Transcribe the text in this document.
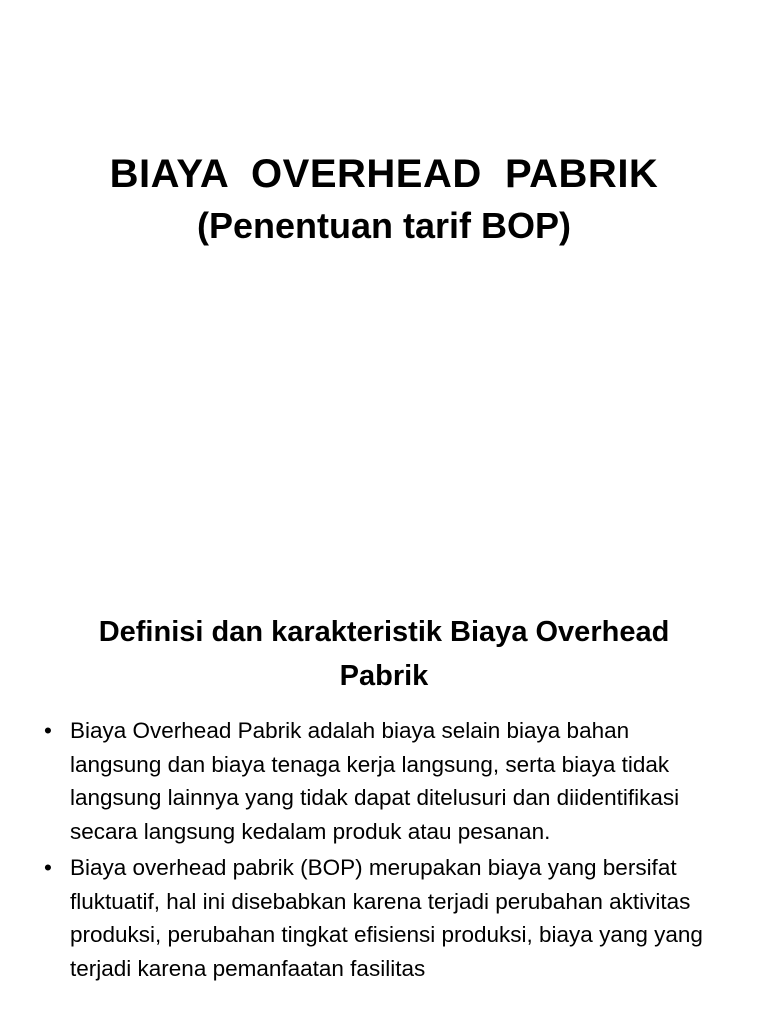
BIAYA  OVERHEAD  PABRIK
(Penentuan tarif BOP)
Definisi dan karakteristik Biaya Overhead
Pabrik
• Biaya Overhead Pabrik adalah biaya selain biaya bahan langsung dan biaya tenaga kerja langsung, serta biaya tidak langsung lainnya yang tidak dapat ditelusuri dan diidentifikasi secara langsung kedalam produk atau pesanan.
• Biaya overhead pabrik (BOP) merupakan biaya yang bersifat fluktuatif, hal ini disebabkan karena terjadi perubahan aktivitas produksi, perubahan tingkat efisiensi produksi, biaya yang yang terjadi karena pemanfaatan fasilitas
